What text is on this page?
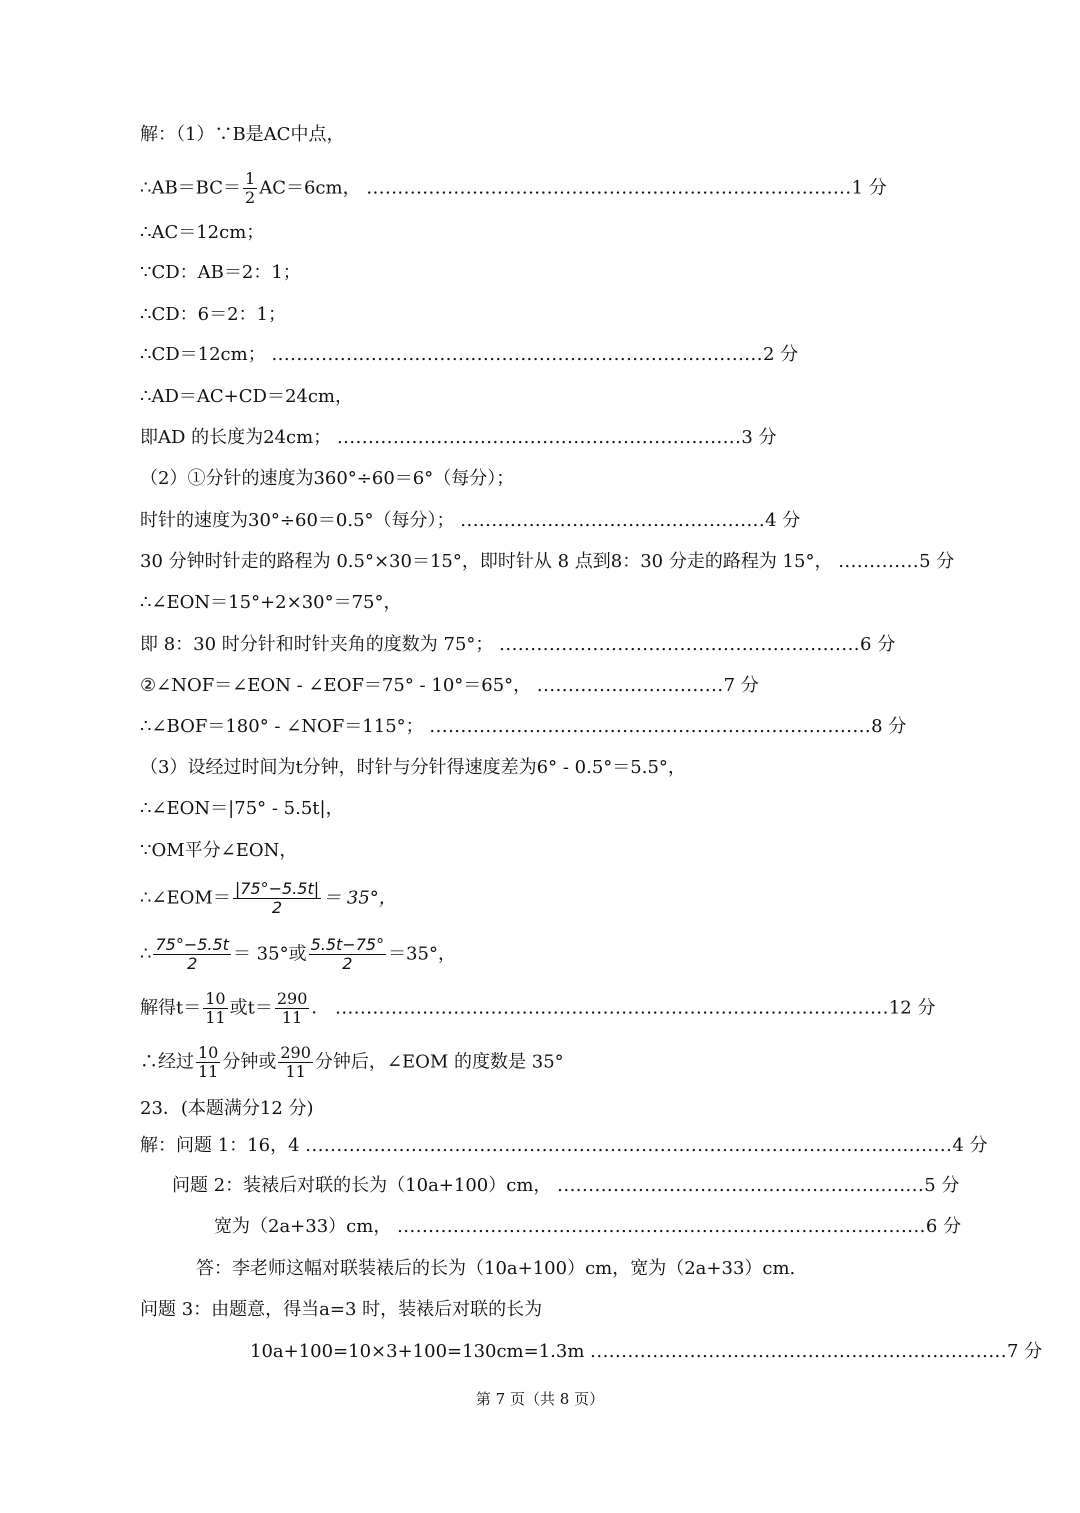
解：（1）∵B是AC中点，
∴AB＝BC＝ $\frac{1}{2} AC=6cm$， ..............................................................................1 分
∴AC＝12cm；
∵CD：AB＝2：1；
∴CD：6＝2：1；
∴CD＝12cm； ...............................................................................2 分
∴AD＝AC+CD＝24cm，
即AD 的长度为24cm； .................................................................3 分
（2）①分针的速度为360°÷60＝6°（每分）；
时针的速度为30°÷60＝0.5°（每分）； .................................................4 分
30 分钟时针走的路程为 0.5°×30＝15°，即时针从 8 点到8：30 分走的路程为 15°， .............5 分
∴∠EON＝15°+2×30°＝75°，
即 8：30 时分针和时针夹角的度数为 75°； ..........................................................6 分
②∠NOF＝∠EON - ∠EOF＝75° - 10°＝65°， ..............................7 分
∴∠BOF＝180° - ∠NOF＝115°； .......................................................................8 分
（3）设经过时间为t分钟，时针与分针得速度差为6° - 0.5°＝5.5°，
∴∠EON＝|75° - 5.5t|，
∵OM平分∠EON，
∴∠EOM＝ $\frac{|75^\circ-5.5t|}{2} = 35^\circ$，
∴ $\frac{75^\circ-5.5t}{2} = 35^\circ$或 $\frac{5.5t-75^\circ}{2} =35^\circ$，
解得$t= \frac{10}{11}$ 或$t= \frac{290}{11}$ ． .........................................................................................12 分
∴经过 $\frac{10}{11}$ 分钟或 $\frac{290}{11}$ 分钟后，∠EOM 的度数是 35°
23．(本题满分12 分)
解：问题 1：16，4 ........................................................................................................4 分
问题 2：装裱后对联的长为（10a+100）cm， ...........................................................5 分
宽为（2a+33）cm， .....................................................................................6 分
答：李老师这幅对联装裱后的长为（10a+100）cm，宽为（2a+33）cm.
问题 3：由题意，得当a=3 时，装裱后对联的长为
10a+100=10×3+100=130cm=1.3m ...................................................................7 分
第 7 页（共 8 页）
